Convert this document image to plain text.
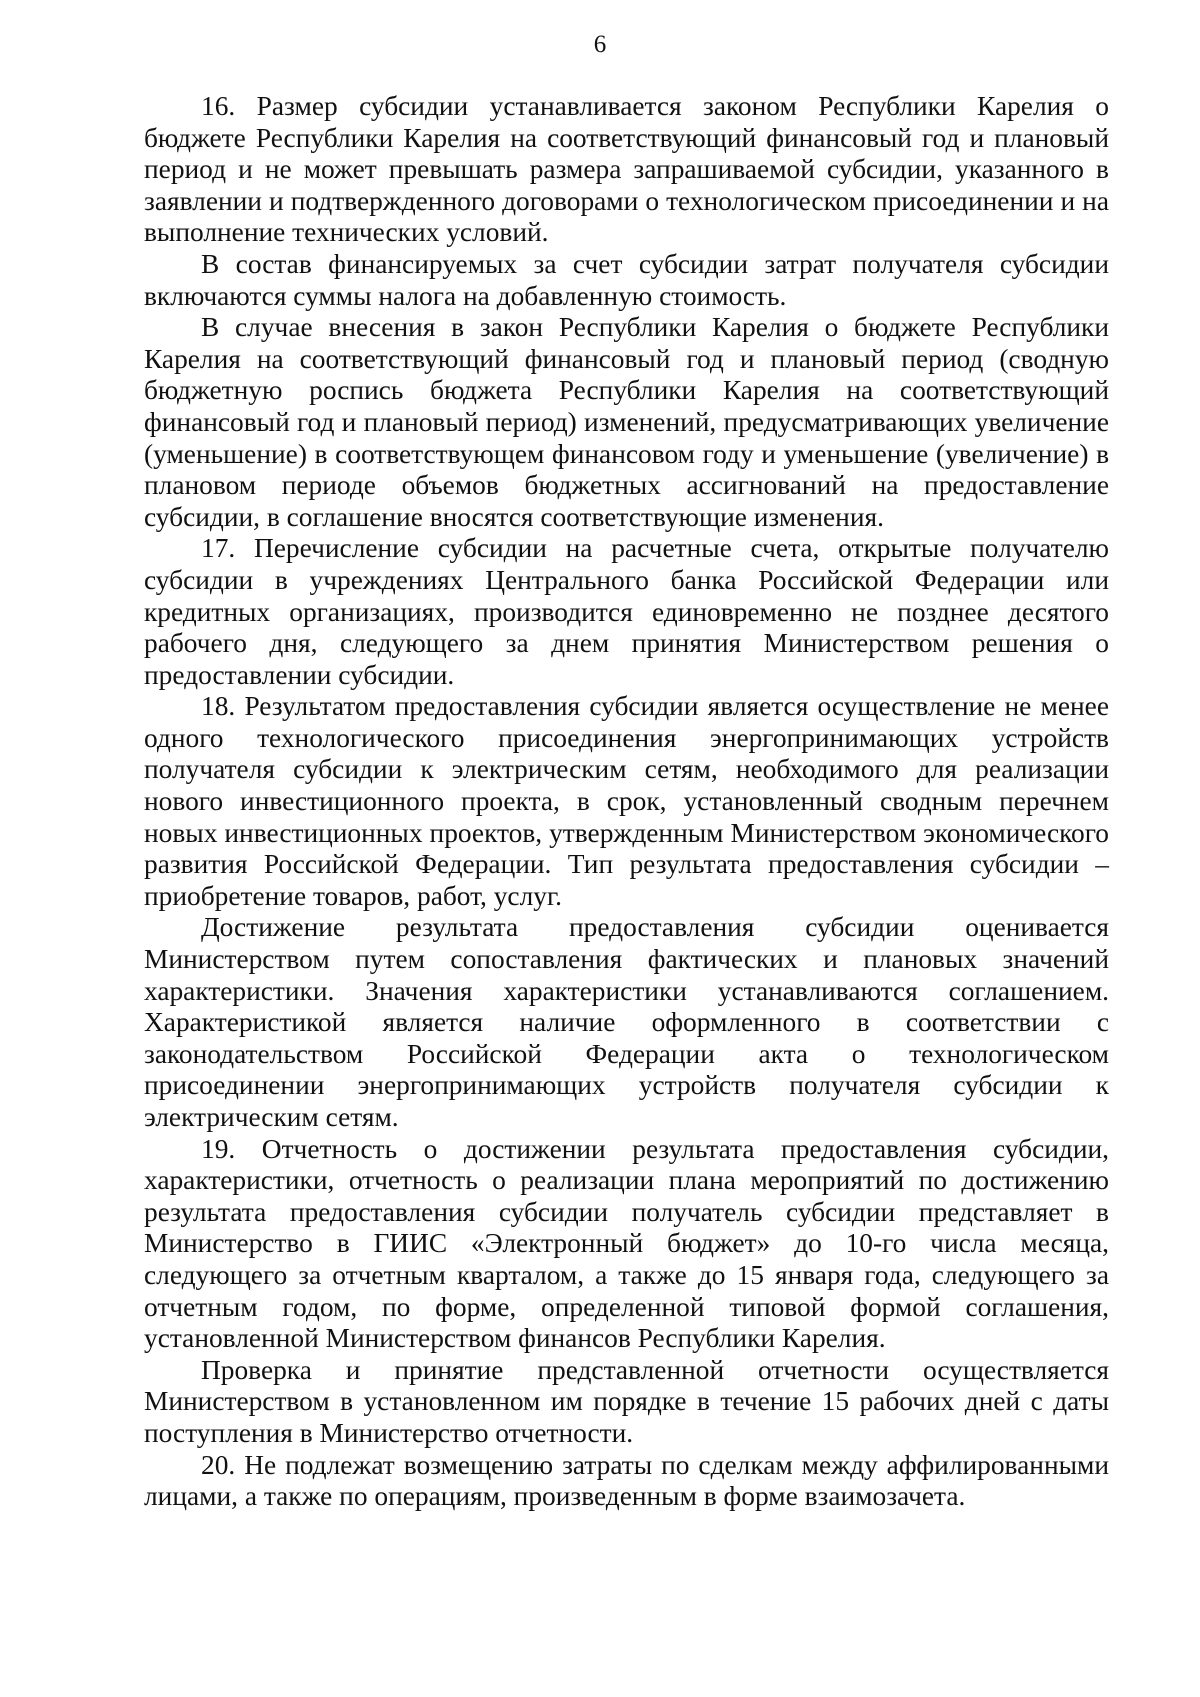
6

16. Размер субсидии устанавливается законом Республики Карелия о бюджете Республики Карелия на соответствующий финансовый год и плановый период и не может превышать размера запрашиваемой субсидии, указанного в заявлении и подтвержденного договорами о технологическом присоединении и на выполнение технических условий.

В состав финансируемых за счет субсидии затрат получателя субсидии включаются суммы налога на добавленную стоимость.

В случае внесения в закон Республики Карелия о бюджете Республики Карелия на соответствующий финансовый год и плановый период (сводную бюджетную роспись бюджета Республики Карелия на соответствующий финансовый год и плановый период) изменений, предусматривающих увеличение (уменьшение) в соответствующем финансовом году и уменьшение (увеличение) в плановом периоде объемов бюджетных ассигнований на предоставление субсидии, в соглашение вносятся соответствующие изменения.

17. Перечисление субсидии на расчетные счета, открытые получателю субсидии в учреждениях Центрального банка Российской Федерации или кредитных организациях, производится единовременно не позднее десятого рабочего дня, следующего за днем принятия Министерством решения о предоставлении субсидии.

18. Результатом предоставления субсидии является осуществление не менее одного технологического присоединения энергопринимающих устройств получателя субсидии к электрическим сетям, необходимого для реализации нового инвестиционного проекта, в срок, установленный сводным перечнем новых инвестиционных проектов, утвержденным Министерством экономического развития Российской Федерации. Тип результата предоставления субсидии – приобретение товаров, работ, услуг.

Достижение результата предоставления субсидии оценивается Министерством путем сопоставления фактических и плановых значений характеристики. Значения характеристики устанавливаются соглашением. Характеристикой является наличие оформленного в соответствии с законодательством Российской Федерации акта о технологическом присоединении энергопринимающих устройств получателя субсидии к электрическим сетям.

19. Отчетность о достижении результата предоставления субсидии, характеристики, отчетность о реализации плана мероприятий по достижению результата предоставления субсидии получатель субсидии представляет в Министерство в ГИИС «Электронный бюджет» до 10-го числа месяца, следующего за отчетным кварталом, а также до 15 января года, следующего за отчетным годом, по форме, определенной типовой формой соглашения, установленной Министерством финансов Республики Карелия.

Проверка и принятие представленной отчетности осуществляется Министерством в установленном им порядке в течение 15 рабочих дней с даты поступления в Министерство отчетности.

20. Не подлежат возмещению затраты по сделкам между аффилированными лицами, а также по операциям, произведенным в форме взаимозачета.
